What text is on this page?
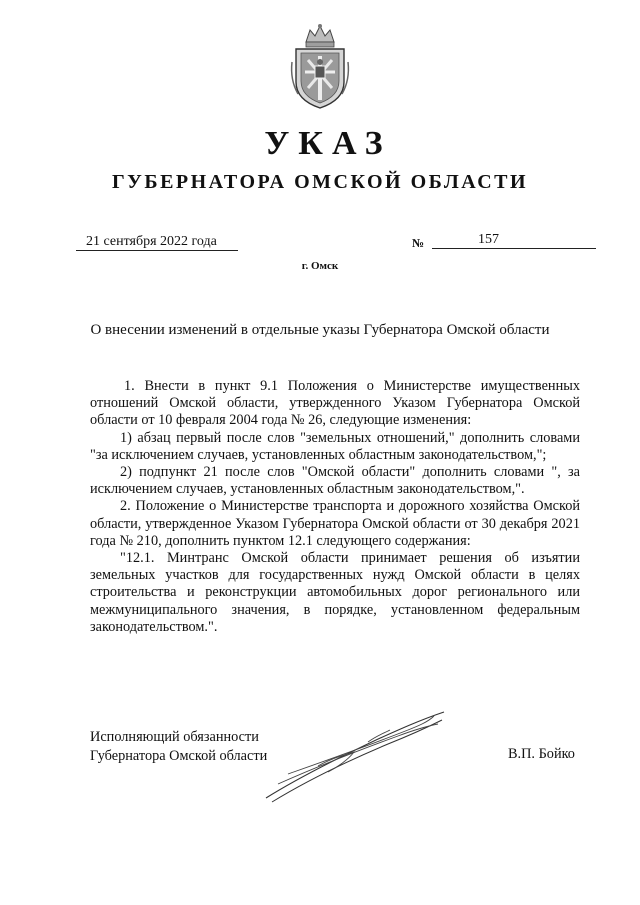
УКАЗ
ГУБЕРНАТОРА ОМСКОЙ ОБЛАСТИ
21 сентября 2022 года	№	157
г. Омск
О внесении изменений в отдельные указы Губернатора Омской области

1. Внести в пункт 9.1 Положения о Министерстве имущественных отношений Омской области, утвержденного Указом Губернатора Омской области от 10 февраля 2004 года № 26, следующие изменения:

1) абзац первый после слов "земельных отношений," дополнить словами "за исключением случаев, установленных областным законодательством,";

2) подпункт 21 после слов "Омской области" дополнить словами ", за исключением случаев, установленных областным законодательством,".

2. Положение о Министерстве транспорта и дорожного хозяйства Омской области, утвержденное Указом Губернатора Омской области от 30 декабря 2021 года № 210, дополнить пунктом 12.1 следующего содержания:

"12.1. Минтранс Омской области принимает решения об изъятии земельных участков для государственных нужд Омской области в целях строительства и реконструкции автомобильных дорог регионального или межмуниципального значения, в порядке, установленном федеральным законодательством.".

Исполняющий обязанности
Губернатора Омской области	В.П. Бойко
